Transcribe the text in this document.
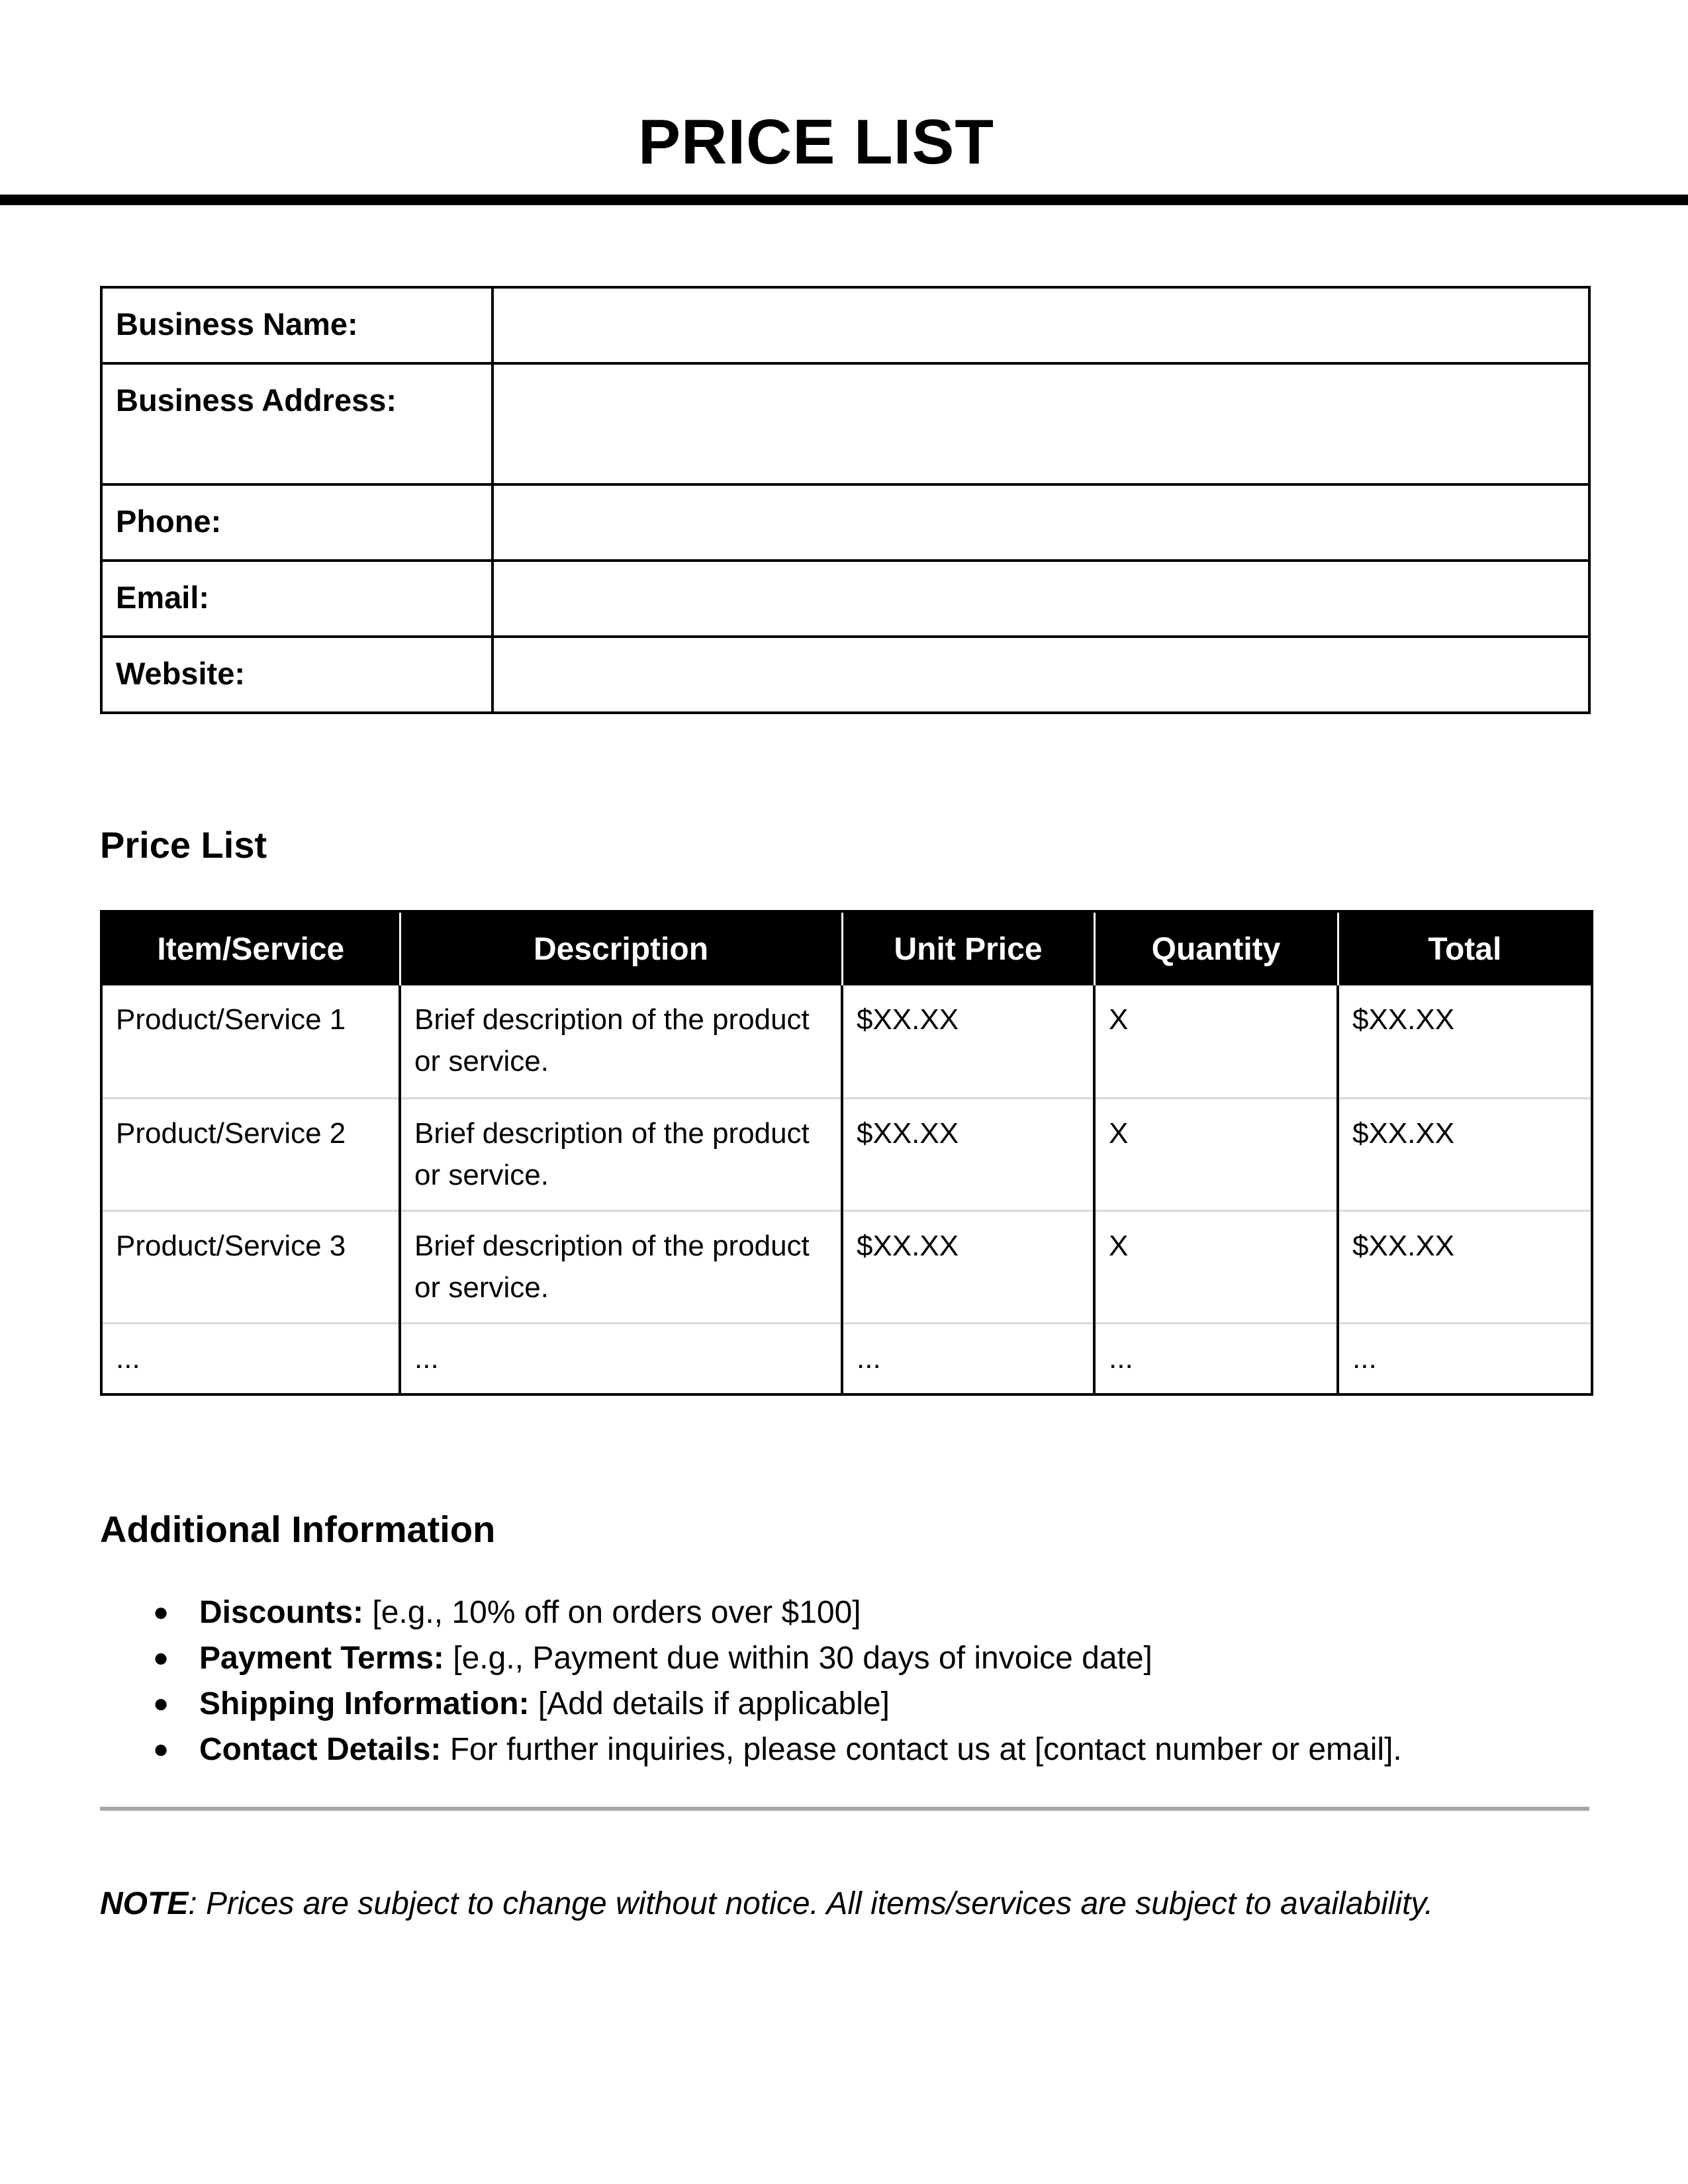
PRICE LIST
Business Name:	
Business Address:	
Phone:	
Email:	
Website:	
Price List
Item/Service	Description	Unit Price	Quantity	Total
Product/Service 1	Brief description of the product or service.	$XX.XX	X	$XX.XX
Product/Service 2	Brief description of the product or service.	$XX.XX	X	$XX.XX
Product/Service 3	Brief description of the product or service.	$XX.XX	X	$XX.XX
...	...	...	...	...
Additional Information
● Discounts: [e.g., 10% off on orders over $100]
● Payment Terms: [e.g., Payment due within 30 days of invoice date]
● Shipping Information: [Add details if applicable]
● Contact Details: For further inquiries, please contact us at [contact number or email].

NOTE: Prices are subject to change without notice. All items/services are subject to availability.
